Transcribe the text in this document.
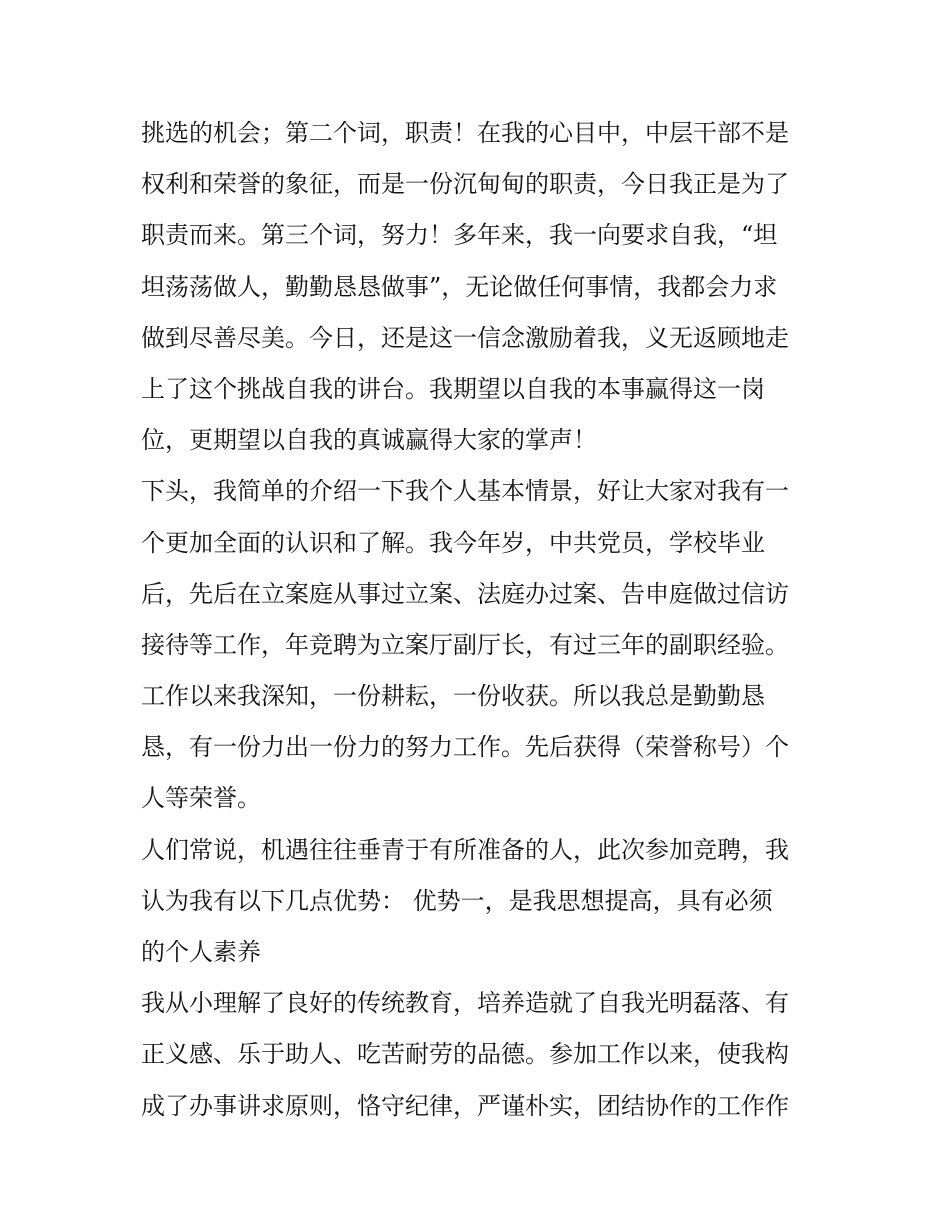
挑选的机会；第二个词，职责！在我的心目中，中层干部不是
权利和荣誉的象征，而是一份沉甸甸的职责，今日我正是为了
职责而来。第三个词，努力！多年来，我一向要求自我，“坦
坦荡荡做人，勤勤恳恳做事”，无论做任何事情，我都会力求
做到尽善尽美。今日，还是这一信念激励着我，义无返顾地走
上了这个挑战自我的讲台。我期望以自我的本事赢得这一岗
位，更期望以自我的真诚赢得大家的掌声！
下头，我简单的介绍一下我个人基本情景，好让大家对我有一
个更加全面的认识和了解。我今年岁，中共党员，学校毕业
后，先后在立案庭从事过立案、法庭办过案、告申庭做过信访
接待等工作，年竞聘为立案厅副厅长，有过三年的副职经验。
工作以来我深知，一份耕耘，一份收获。所以我总是勤勤恳
恳，有一份力出一份力的努力工作。先后获得（荣誉称号）个
人等荣誉。
人们常说，机遇往往垂青于有所准备的人，此次参加竞聘，我
认为我有以下几点优势： 优势一，是我思想提高，具有必须
的个人素养
我从小理解了良好的传统教育，培养造就了自我光明磊落、有
正义感、乐于助人、吃苦耐劳的品德。参加工作以来，使我构
成了办事讲求原则，恪守纪律，严谨朴实，团结协作的工作作
